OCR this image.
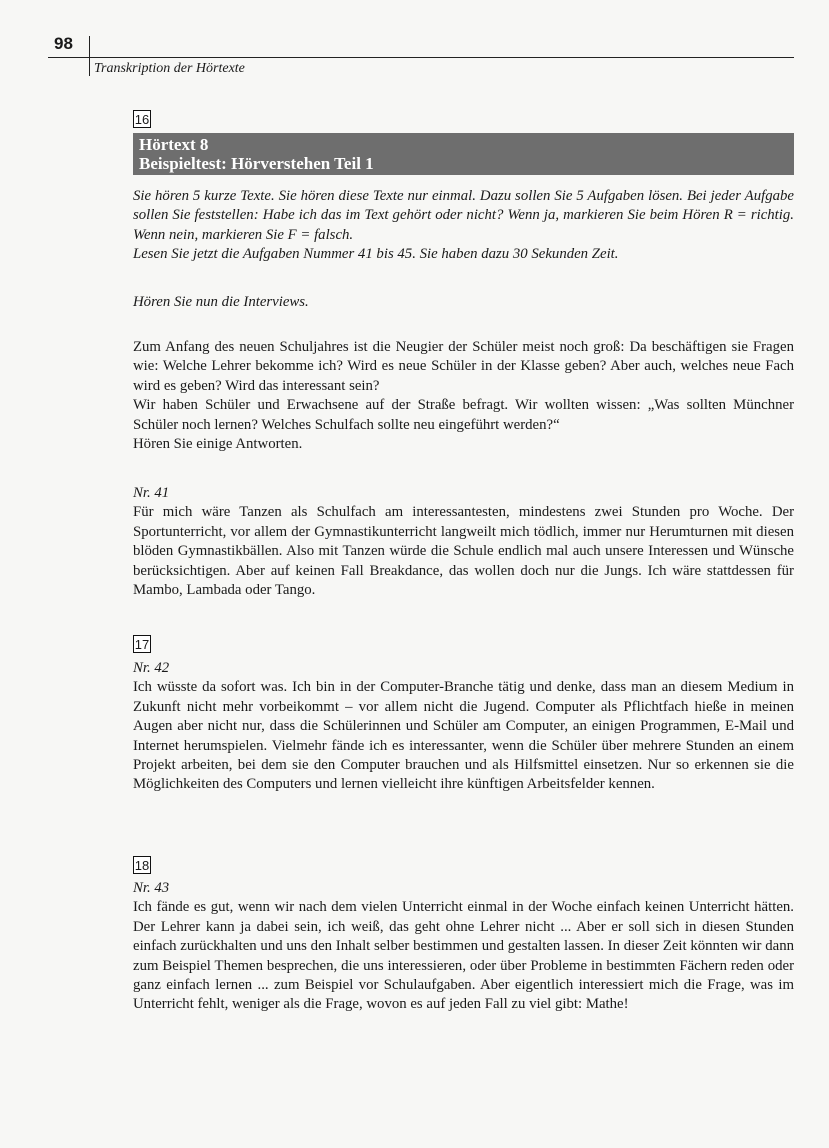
98
Transkription der Hörtexte
16
Hörtext 8
Beispieltest: Hörverstehen Teil 1

Sie hören 5 kurze Texte. Sie hören diese Texte nur einmal. Dazu sollen Sie 5 Aufgaben lösen. Bei jeder Aufgabe sollen Sie feststellen: Habe ich das im Text gehört oder nicht? Wenn ja, markieren Sie beim Hören R = richtig. Wenn nein, markieren Sie F = falsch.

Lesen Sie jetzt die Aufgaben Nummer 41 bis 45. Sie haben dazu 30 Sekunden Zeit.

Hören Sie nun die Interviews.

Zum Anfang des neuen Schuljahres ist die Neugier der Schüler meist noch groß: Da beschäftigen sie Fragen wie: Welche Lehrer bekomme ich? Wird es neue Schüler in der Klasse geben? Aber auch, welches neue Fach wird es geben? Wird das interessant sein?

Wir haben Schüler und Erwachsene auf der Straße befragt. Wir wollten wissen: „Was sollten Münchner Schüler noch lernen? Welches Schulfach sollte neu eingeführt werden?“

Hören Sie einige Antworten.

Nr. 41

Für mich wäre Tanzen als Schulfach am interessantesten, mindestens zwei Stunden pro Woche. Der Sportunterricht, vor allem der Gymnastikunterricht langweilt mich tödlich, immer nur Herumturnen mit diesen blöden Gymnastikbällen. Also mit Tanzen würde die Schule endlich mal auch unsere Interessen und Wünsche berücksichtigen. Aber auf keinen Fall Breakdance, das wollen doch nur die Jungs. Ich wäre stattdessen für Mambo, Lambada oder Tango.

17

Nr. 42

Ich wüsste da sofort was. Ich bin in der Computer-Branche tätig und denke, dass man an diesem Medium in Zukunft nicht mehr vorbeikommt – vor allem nicht die Jugend. Computer als Pflichtfach hieße in meinen Augen aber nicht nur, dass die Schülerinnen und Schüler am Computer, an einigen Programmen, E-Mail und Internet herumspielen. Vielmehr fände ich es interessanter, wenn die Schüler über mehrere Stunden an einem Projekt arbeiten, bei dem sie den Computer brauchen und als Hilfsmittel einsetzen. Nur so erkennen sie die Möglichkeiten des Computers und lernen vielleicht ihre künftigen Arbeitsfelder kennen.

18

Nr. 43

Ich fände es gut, wenn wir nach dem vielen Unterricht einmal in der Woche einfach keinen Unterricht hätten. Der Lehrer kann ja dabei sein, ich weiß, das geht ohne Lehrer nicht ... Aber er soll sich in diesen Stunden einfach zurückhalten und uns den Inhalt selber bestimmen und gestalten lassen. In dieser Zeit könnten wir dann zum Beispiel Themen besprechen, die uns interessieren, oder über Probleme in bestimmten Fächern reden oder ganz einfach lernen ... zum Beispiel vor Schulaufgaben. Aber eigentlich interessiert mich die Frage, was im Unterricht fehlt, weniger als die Frage, wovon es auf jeden Fall zu viel gibt: Mathe!
